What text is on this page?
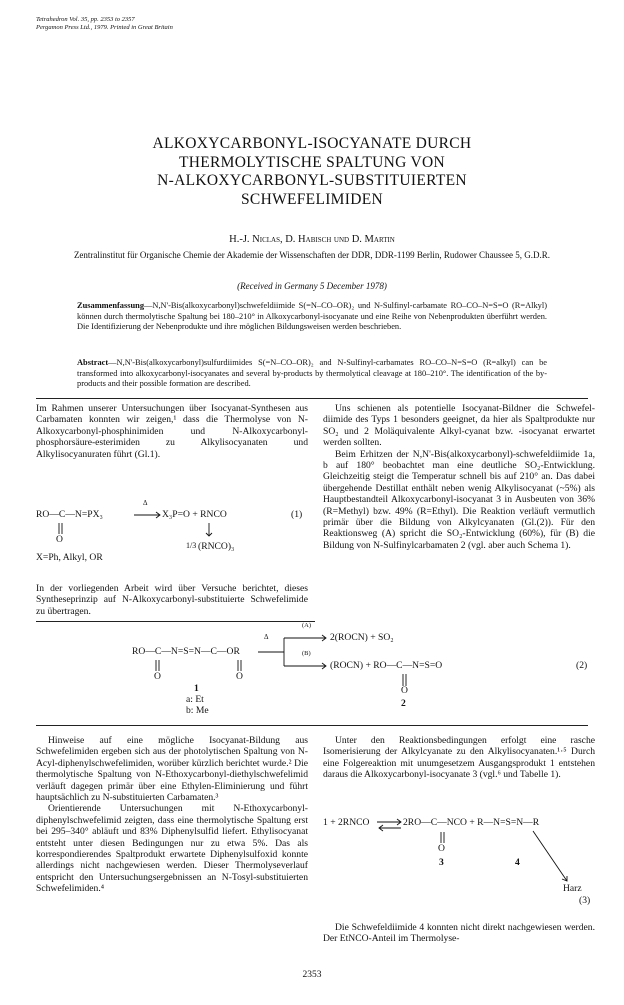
Tetrahedron Vol. 35, pp. 2353 to 2357
Pergamon Press Ltd., 1979. Printed in Great Britain
ALKOXYCARBONYL-ISOCYANATE DURCH
THERMOLYTISCHE SPALTUNG VON
N-ALKOXYCARBONYL-SUBSTITUIERTEN
SCHWEFELIMIDEN
H.-J. Niclas, D. Habisch und D. Martin
Zentralinstitut für Organische Chemie der Akademie der Wissenschaften der DDR, DDR-1199 Berlin, Rudower Chaussee 5, G.D.R.
(Received in Germany 5 December 1978)
Zusammenfassung—N,N'-Bis(alkoxycarbonyl)schwefeldiimide S(=N–CO–OR)₂ und N-Sulfinyl-carbamate RO–CO–N=S=O (R=Alkyl) können durch thermolytische Spaltung bei 180–210° in Alkoxycarbonyl-isocyanate und eine Reihe von Nebenprodukten überführt werden. Die Identifizierung der Nebenprodukte und ihre möglichen Bildungsweisen werden beschrieben.
Abstract—N,N'-Bis(alkoxycarbonyl)sulfurdiimides S(=N–CO–OR)₂ and N-Sulfinyl-carbamates RO–CO–N=S=O (R=alkyl) can be transformed into alkoxycarbonyl-isocyanates and several by-products by thermolytical cleavage at 180–210°. The identification of the by-products and their possible formation are described.

Im Rahmen unserer Untersuchungen über Isocyanat-Synthesen aus Carbamaten konnten wir zeigen,¹ dass die Thermolyse von N-Alkoxycarbonyl-phosphinimiden und N-Alkoxycarbonyl-phosphorsäure-esterimiden zu Alkylisocyanaten und Alkylisocyanuraten führt (Gl.1).

RO—C—N=PX₃
O
Δ
X₃P=O + RNCO
1/3 (RNCO)₃
X=Ph, Alkyl, OR
(1)

In der vorliegenden Arbeit wird über Versuche berichtet, dieses Syntheseprinzip auf N-Alkoxycarbonyl-substituierte Schwefelimide zu übertragen.

Uns schienen als potentielle Isocyanat-Bildner die Schwefel-diimide des Typs 1 besonders geeignet, da hier als Spaltprodukte nur SO₂ und 2 Moläquivalente Alkyl-cyanat bzw. -isocyanat erwartet werden sollten.

Beim Erhitzen der N,N'-Bis(alkoxycarbonyl)-schwefeldiimide 1a, b auf 180° beobachtet man eine deutliche SO₂-Entwicklung. Gleichzeitig steigt die Temperatur schnell bis auf 210° an. Das dabei übergehende Destillat enthält neben wenig Alkylisocyanat (~5%) als Hauptbestandteil Alkoxycarbonyl-isocyanat 3 in Ausbeuten von 36% (R=Methyl) bzw. 49% (R=Ethyl). Die Reaktion verläuft vermutlich primär über die Bildung von Alkylcyanaten (Gl.(2)). Für den Reaktionsweg (A) spricht die SO₂-Entwicklung (60%), für (B) die Bildung von N-Sulfinylcarbamaten 2 (vgl. aber auch Schema 1).

RO—C—N=S=N—C—OR
O	O
1
a: Et
b: Me
Δ
(A)
(B)
2(ROCN) + SO₂
(ROCN) + RO—C—N=S=O
O
2
(2)

Hinweise auf eine mögliche Isocyanat-Bildung aus Schwefelimiden ergeben sich aus der photolytischen Spaltung von N-Acyl-diphenylschwefelimiden, worüber kürzlich berichtet wurde.² Die thermolytische Spaltung von N-Ethoxycarbonyl-diethylschwefelimid verläuft dagegen primär über eine Ethylen-Eliminierung und führt hauptsächlich zu N-substituierten Carbamaten.³

Orientierende Untersuchungen mit N-Ethoxycarbonyl-diphenylschwefelimid zeigten, dass eine thermolytische Spaltung erst bei 295–340° abläuft und 83% Diphenylsulfid liefert. Ethylisocyanat entsteht unter diesen Bedingungen nur zu etwa 5%. Das als korrespondierendes Spaltprodukt erwartete Diphenylsulfoxid konnte allerdings nicht nachgewiesen werden. Dieser Thermolyseverlauf entspricht den Untersuchungsergebnissen an N-Tosyl-substituierten Schwefelimiden.⁴

Unter den Reaktionsbedingungen erfolgt eine rasche Isomerisierung der Alkylcyanate zu den Alkylisocyanaten.¹·⁵ Durch eine Folgereaktion mit unumgesetzem Ausgangsprodukt 1 entstehen daraus die Alkoxycarbonyl-isocyanate 3 (vgl.⁶ und Tabelle 1).

1 + 2RNCO	2RO—C—NCO + R—N=S=N—R
O
3	4
Harz
(3)

Die Schwefeldiimide 4 konnten nicht direkt nachgewiesen werden. Der EtNCO-Anteil im Thermolyse-

2353
